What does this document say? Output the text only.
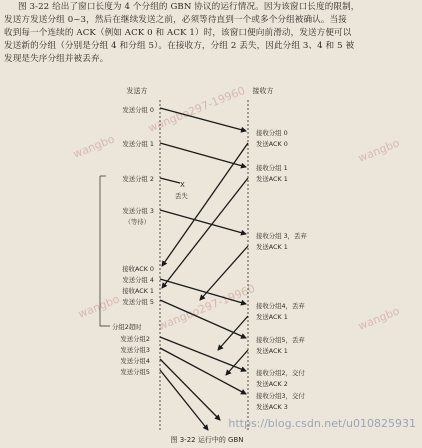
图 3-22 给出了窗口长度为 4 个分组的 GBN 协议的运行情况。因为该窗口长度的限制，
发送方发送分组 0~3，然后在继续发送之前，必须等待直到一个或多个分组被确认。当接
收到每一个连续的 ACK（例如 ACK 0 和 ACK 1）时，该窗口便向前滑动，发送方便可以
发送新的分组（分别是分组 4 和分组 5）。在接收方，分组 2 丢失，因此分组 3、4 和 5 被
发现是失序分组并被丢弃。
wangbo297-19960
wangbo	wangbo
wangbo297-19960
wangbo	wangbo
发送方	接收方
发送分组 0
发送分组 1
发送分组 2
发送分组 3
（等待）
接收ACK 0
发送分组 4
接收ACK 1
发送分组 5
分组2超时
发送分组2
发送分组3
发送分组4
发送分组5
接收分组 0
发送ACK 0
接收分组 1
发送ACK 1
接收分组 3，丢弃
发送ACK 1
接收分组4，丢弃
发送ACK 1
接收分组5，丢弃
发送ACK 1
接收分组2，交付
发送ACK 2
接收分组3，交付
发送ACK 3
X
丢失
图 3-22 运行中的 GBN
https://blog.csdn.net/u010825931
